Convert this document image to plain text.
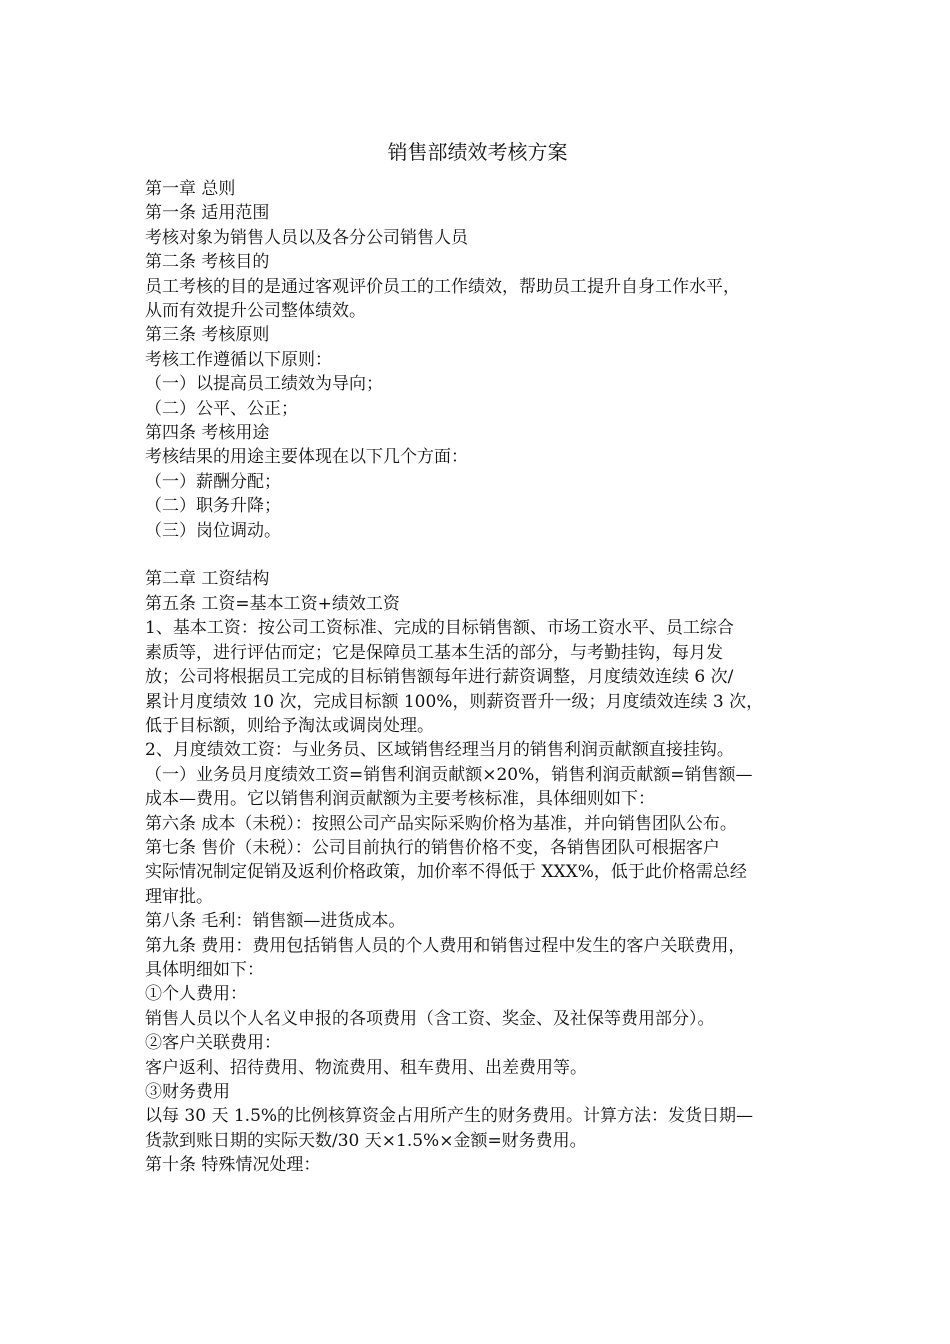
销售部绩效考核方案
第一章 总则
第一条 适用范围
考核对象为销售人员以及各分公司销售人员
第二条 考核目的
员工考核的目的是通过客观评价员工的工作绩效，帮助员工提升自身工作水平，
从而有效提升公司整体绩效。
第三条 考核原则
考核工作遵循以下原则：
（一）以提高员工绩效为导向；
（二）公平、公正；
第四条 考核用途
考核结果的用途主要体现在以下几个方面：
（一）薪酬分配；
（二）职务升降；
（三）岗位调动。
第二章 工资结构
第五条 工资=基本工资+绩效工资
1、基本工资：按公司工资标准、完成的目标销售额、市场工资水平、员工综合
素质等，进行评估而定；它是保障员工基本生活的部分，与考勤挂钩，每月发
放；公司将根据员工完成的目标销售额每年进行薪资调整，月度绩效连续 6 次/
累计月度绩效 10 次，完成目标额 100%，则薪资晋升一级；月度绩效连续 3 次，
低于目标额，则给予淘汰或调岗处理。
2、月度绩效工资：与业务员、区域销售经理当月的销售利润贡献额直接挂钩。
（一）业务员月度绩效工资=销售利润贡献额×20%，销售利润贡献额=销售额—
成本—费用。它以销售利润贡献额为主要考核标准，具体细则如下：
第六条 成本（未税）：按照公司产品实际采购价格为基准，并向销售团队公布。
第七条 售价（未税）：公司目前执行的销售价格不变，各销售团队可根据客户
实际情况制定促销及返利价格政策，加价率不得低于 XXX%，低于此价格需总经
理审批。
第八条 毛利：销售额—进货成本。
第九条 费用：费用包括销售人员的个人费用和销售过程中发生的客户关联费用，
具体明细如下：
①个人费用：
销售人员以个人名义申报的各项费用（含工资、奖金、及社保等费用部分）。
②客户关联费用：
客户返利、招待费用、物流费用、租车费用、出差费用等。
③财务费用
以每 30 天 1.5%的比例核算资金占用所产生的财务费用。计算方法：发货日期—
货款到账日期的实际天数/30 天×1.5%×金额=财务费用。
第十条 特殊情况处理：
